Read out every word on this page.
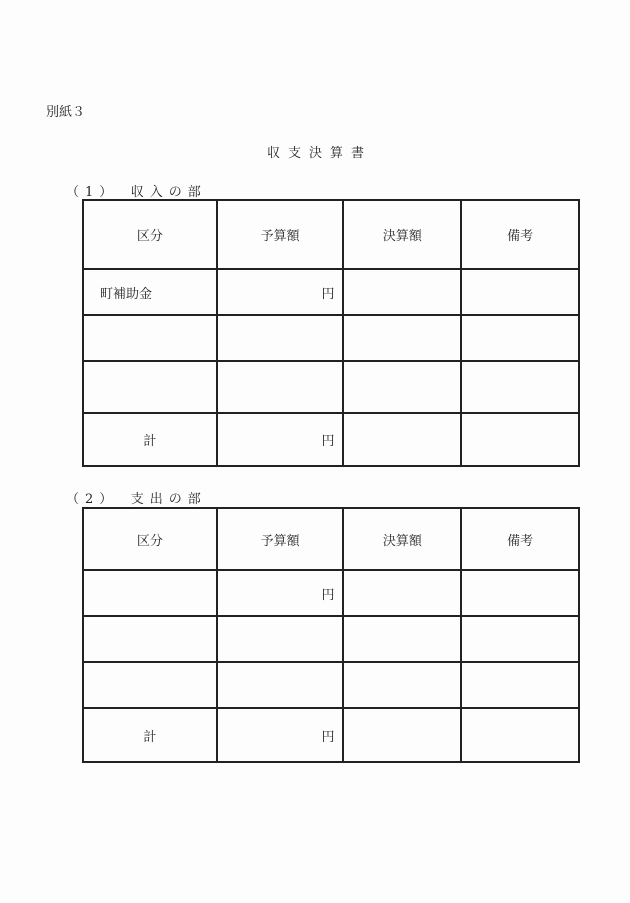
別紙３
収支決算書
（1）　収入の部
区分	予算額	決算額	備考
町補助金	円		

計	円		
（2）　支出の部
区分	予算額	決算額	備考
	円		

計	円		
